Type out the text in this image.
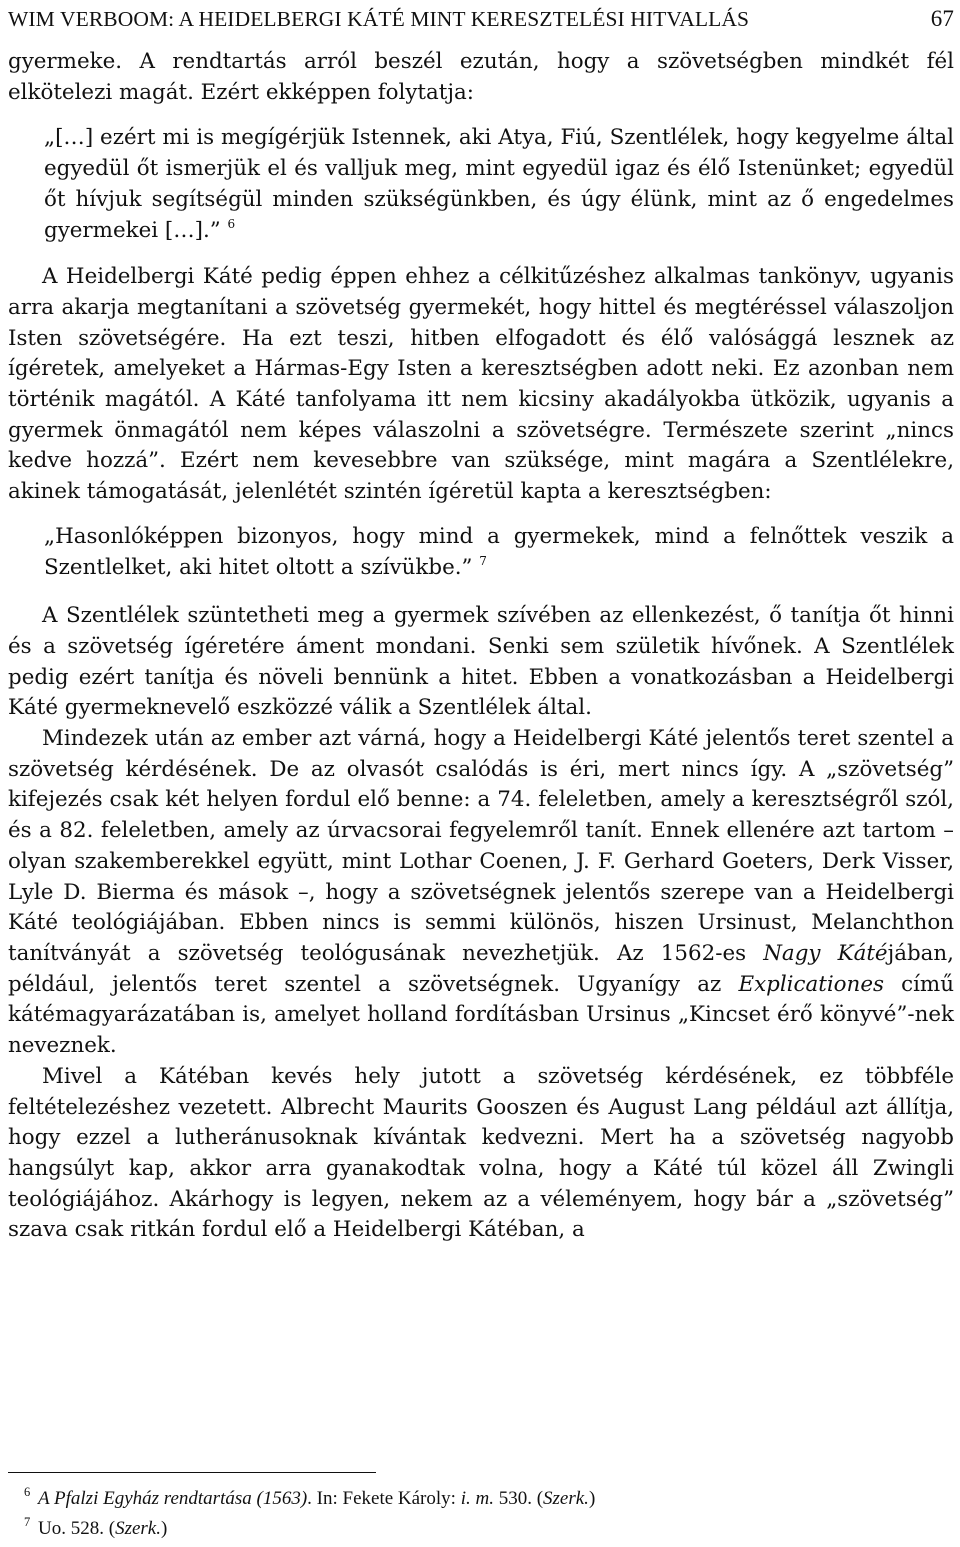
WIM VERBOOM: A HEIDELBERGI KÁTÉ MINT KERESZTELÉSI HITVALLÁS	67

gyermeke. A rendtartás arról beszél ezután, hogy a szövetségben mindkét fél elkötelezi magát. Ezért ekképpen folytatja:

„[…] ezért mi is megígérjük Istennek, aki Atya, Fiú, Szentlélek, hogy kegyelme által egyedül őt ismerjük el és valljuk meg, mint egyedül igaz és élő Istenünket; egyedül őt hívjuk segítségül minden szükségünkben, és úgy élünk, mint az ő engedelmes gyermekei […].” $^6$

A Heidelbergi Káté pedig éppen ehhez a célkitűzéshez alkalmas tankönyv, ugyanis arra akarja megtanítani a szövetség gyermekét, hogy hittel és megtéréssel válaszoljon Isten szövetségére. Ha ezt teszi, hitben elfogadott és élő valósággá lesznek az ígéretek, amelyeket a Hármas-Egy Isten a keresztségben adott neki. Ez azonban nem történik magától. A Káté tanfolyama itt nem kicsiny akadályokba ütközik, ugyanis a gyermek önmagától nem képes válaszolni a szövetségre. Természete szerint „nincs kedve hozzá”. Ezért nem kevesebbre van szüksége, mint magára a Szentlélekre, akinek támogatását, jelenlétét szintén ígéretül kapta a keresztségben:

„Hasonlóképpen bizonyos, hogy mind a gyermekek, mind a felnőttek veszik a Szentlelket, aki hitet oltott a szívükbe.” $^7$

A Szentlélek szüntetheti meg a gyermek szívében az ellenkezést, ő tanítja őt hinni és a szövetség ígéretére áment mondani. Senki sem születik hívőnek. A Szentlélek pedig ezért tanítja és növeli bennünk a hitet. Ebben a vonatkozásban a Heidelbergi Káté gyermeknevelő eszközzé válik a Szentlélek által.

Mindezek után az ember azt várná, hogy a Heidelbergi Káté jelentős teret szentel a szövetség kérdésének. De az olvasót csalódás is éri, mert nincs így. A „szövetség” kifejezés csak két helyen fordul elő benne: a 74. feleletben, amely a keresztségről szól, és a 82. feleletben, amely az úrvacsorai fegyelemről tanít. Ennek ellenére azt tartom – olyan szakemberekkel együtt, mint Lothar Coenen, J. F. Gerhard Goeters, Derk Visser, Lyle D. Bierma és mások –, hogy a szövetségnek jelentős szerepe van a Heidelbergi Káté teológiájában. Ebben nincs is semmi különös, hiszen Ursinust, Melanchthon tanítványát a szövetség teológusának nevezhetjük. Az 1562-es Nagy Kátéjában, például, jelentős teret szentel a szövetségnek. Ugyanígy az Explicationes című kátémagyarázatában is, amelyet holland fordításban Ursinus „Kincset érő könyvé”-nek neveznek.

Mivel a Kátéban kevés hely jutott a szövetség kérdésének, ez többféle feltételezéshez vezetett. Albrecht Maurits Gooszen és August Lang például azt állítja, hogy ezzel a lutheránusoknak kívántak kedvezni. Mert ha a szövetség nagyobb hangsúlyt kap, akkor arra gyanakodtak volna, hogy a Káté túl közel áll Zwingli teológiájához. Akárhogy is legyen, nekem az a véleményem, hogy bár a „szövetség” szava csak ritkán fordul elő a Heidelbergi Kátéban, a

6 A Pfalzi Egyház rendtartása (1563). In: Fekete Károly: i. m. 530. (Szerk.)
7 Uo. 528. (Szerk.)
